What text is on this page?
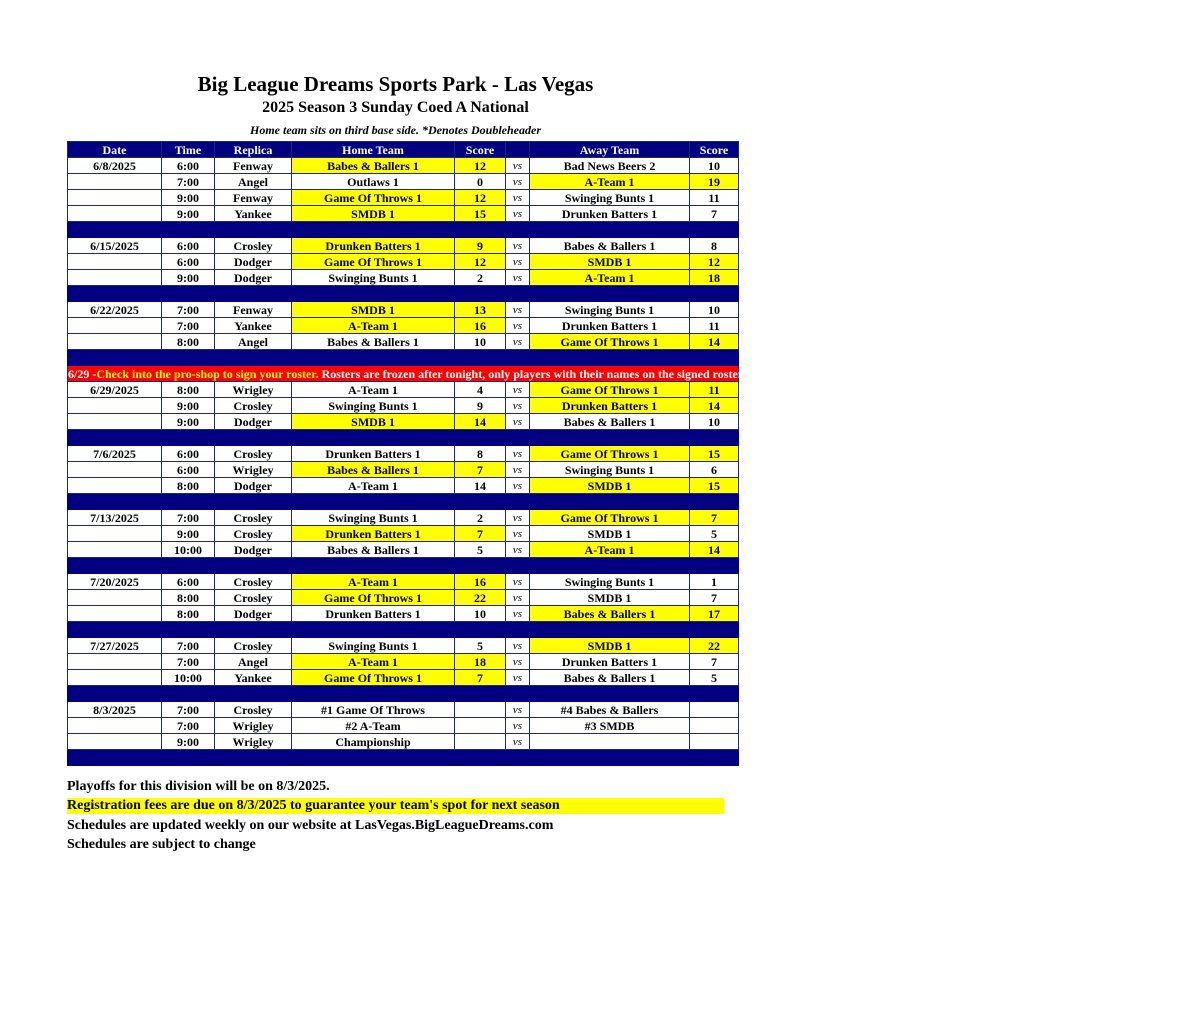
Big League Dreams Sports Park - Las Vegas
2025 Season 3 Sunday Coed A National
Home team sits on third base side. *Denotes Doubleheader
Date	Time	Replica	Home Team	Score		Away Team	Score
6/8/2025	6:00	Fenway	Babes & Ballers 1	12	vs	Bad News Beers 2	10
	7:00	Angel	Outlaws 1	0	vs	A-Team 1	19
	9:00	Fenway	Game Of Throws 1	12	vs	Swinging Bunts 1	11
	9:00	Yankee	SMDB 1	15	vs	Drunken Batters 1	7

6/15/2025	6:00	Crosley	Drunken Batters 1	9	vs	Babes & Ballers 1	8
	6:00	Dodger	Game Of Throws 1	12	vs	SMDB 1	12
	9:00	Dodger	Swinging Bunts 1	2	vs	A-Team 1	18

6/22/2025	7:00	Fenway	SMDB 1	13	vs	Swinging Bunts 1	10
	7:00	Yankee	A-Team 1	16	vs	Drunken Batters 1	11
	8:00	Angel	Babes & Ballers 1	10	vs	Game Of Throws 1	14

6/29 -Check into the pro-shop to sign your roster. Rosters are frozen after tonight, only players with their names on the signed roster are eligible for playoffs. Please check carefully as changes will not be made for omissions.							
6/29/2025	8:00	Wrigley	A-Team 1	4	vs	Game Of Throws 1	11
	9:00	Crosley	Swinging Bunts 1	9	vs	Drunken Batters 1	14
	9:00	Dodger	SMDB 1	14	vs	Babes & Ballers 1	10

7/6/2025	6:00	Crosley	Drunken Batters 1	8	vs	Game Of Throws 1	15
	6:00	Wrigley	Babes & Ballers 1	7	vs	Swinging Bunts 1	6
	8:00	Dodger	A-Team 1	14	vs	SMDB 1	15

7/13/2025	7:00	Crosley	Swinging Bunts 1	2	vs	Game Of Throws 1	7
	9:00	Crosley	Drunken Batters 1	7	vs	SMDB 1	5
	10:00	Dodger	Babes & Ballers 1	5	vs	A-Team 1	14

7/20/2025	6:00	Crosley	A-Team 1	16	vs	Swinging Bunts 1	1
	8:00	Crosley	Game Of Throws 1	22	vs	SMDB 1	7
	8:00	Dodger	Drunken Batters 1	10	vs	Babes & Ballers 1	17

7/27/2025	7:00	Crosley	Swinging Bunts 1	5	vs	SMDB 1	22
	7:00	Angel	A-Team 1	18	vs	Drunken Batters 1	7
	10:00	Yankee	Game Of Throws 1	7	vs	Babes & Ballers 1	5

8/3/2025	7:00	Crosley	#1 Game Of Throws		vs	#4 Babes & Ballers	
	7:00	Wrigley	#2 A-Team		vs	#3 SMDB	
	9:00	Wrigley	Championship		vs		

Playoffs for this division will be on 8/3/2025.
Registration fees are due on 8/3/2025 to guarantee your team's spot for next season
Schedules are updated weekly on our website at LasVegas.BigLeagueDreams.com
Schedules are subject to change
